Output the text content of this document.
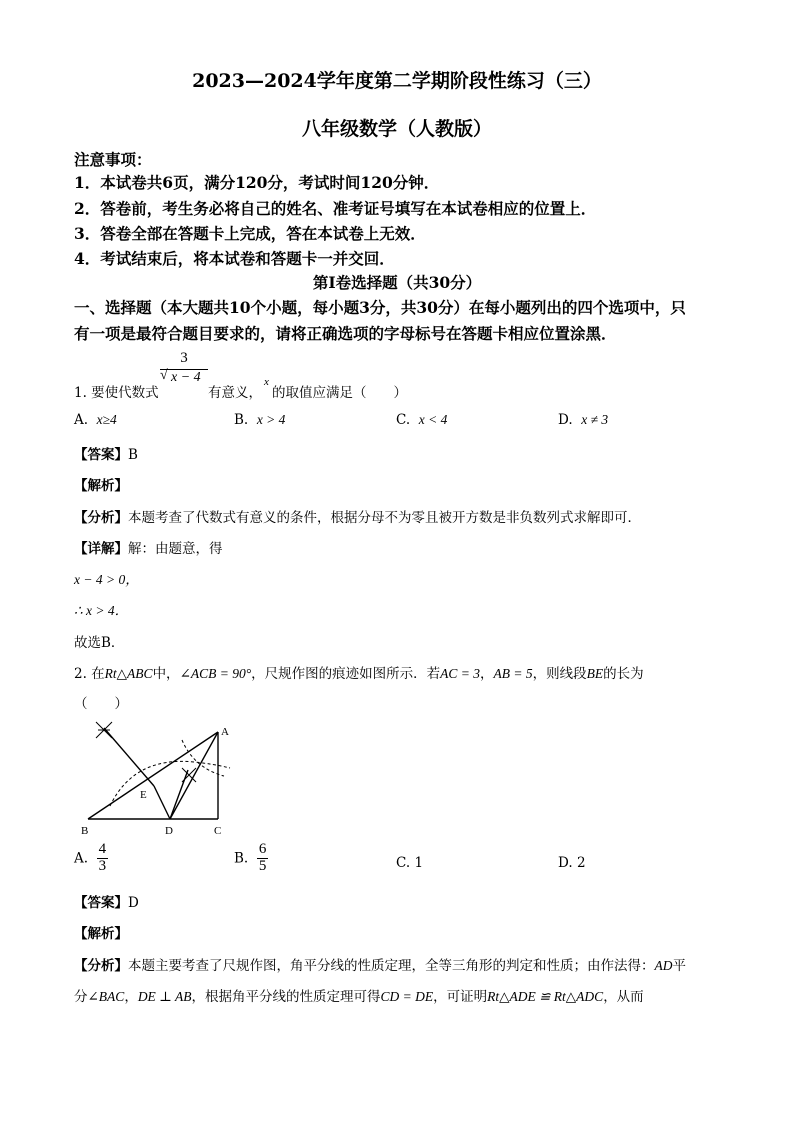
2023—2024学年度第二学期阶段性练习（三）
八年级数学（人教版）
注意事项：
1．本试卷共6页，满分120分，考试时间120分钟．
2．答卷前，考生务必将自己的姓名、准考证号填写在本试卷相应的位置上．
3．答卷全部在答题卡上完成，答在本试卷上无效．
4．考试结束后，将本试卷和答题卡一并交回．
第Ⅰ卷选择题（共30分）
一、选择题（本大题共10个小题，每小题3分，共30分）在每小题列出的四个选项中，只
有一项是最符合题目要求的，请将正确选项的字母标号在答题卡相应位置涂黑．
1. 要使代数式
$\frac{3}{√ x - 4}$
有意义，
x
的取值应满足（　　）
A. x≥4	B. x > 4	C. x < 4	D. x ≠ 3
【答案】B
【解析】
【分析】本题考查了代数式有意义的条件，根据分母不为零且被开方数是非负数列式求解即可．
【详解】解：由题意，得
x − 4 > 0，
∴ x > 4．
故选B．
2. 在Rt△ABC中，∠ACB = 90°，尺规作图的痕迹如图所示．若AC = 3，AB = 5，则线段BE的长为
（　　）
A
B	D	C
E
A. $\frac{4}{3}$	B. $\frac{6}{5}$	C. 1	D. 2
【答案】D
【解析】
【分析】本题主要考查了尺规作图，角平分线的性质定理，全等三角形的判定和性质；由作法得：AD平
分∠BAC，DE ⊥ AB，根据角平分线的性质定理可得CD = DE，可证明Rt△ADE ≌ Rt△ADC，从而
